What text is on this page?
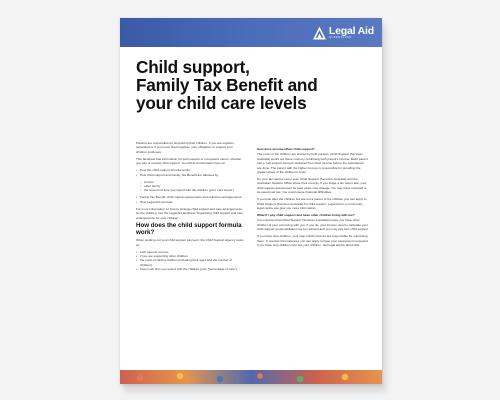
Legal Aid
QUEENSLAND
Child support,
Family Tax Benefit and
your child care levels

Parents are responsible for supporting their children. If you are together, separated or if you never lived together, your obligation to support your children continues.

This factsheet has information for both parents or non-parent carers, whether you pay or receive child support. You will find information here on:

• How the child support formula works
• How child support and Family Tax Benefit are affected by:
– income
– other family
– the amount of time you spend with the children (your 'care levels')
• Family Tax Benefit, child support agreements and collection arrangements
• How Legal Aid can help.

For more information on how to arrange child support and care arrangements for the children, see the Legal Aid factsheet 'Organising child support and care arrangements for your children'.

How does the child support formula work?

When working out your child support payment, the Child Support Agency looks at:

• both parents' income
• if you are supporting other children
• the costs of raising children (including their ages and the number of children)
• how much time you spend with the children (your "percentage of care").
How does income affect child support?

The costs of the children are shared by both parents. Child Support (Services Australia) works out these costs by combining both parent's income. Each parent has a 'self support amount' deducted from their income before the calculations are done. The parent with the higher income is responsible for providing the greater share of the children's costs.

Do your tax returns every year. Child Support (Services Australia) and the Australian Taxation Office share their records. If you lodge a tax return late, your child support assessment for past years may change. You may have overpaid or be owed past tax. You could cause financial difficulties.

If you look after the children but are not a parent of the children you can apply to Child Support (Services Australia) for child support. Legal Aid or a community legal centre can give you more information.

What if I pay child support and have other children living with me?

It is important that Child Support (Services Australia) knows you have other children of your own living with you. If you do, your income used to calculate your child support responsibilities may be reduced and you may pay less child support.

If you have step-children, your step-child's parents are responsible for supporting them. In special circumstances you can apply to have your assessment reviewed if you have step-children who are your children. Get legal advice about this.
